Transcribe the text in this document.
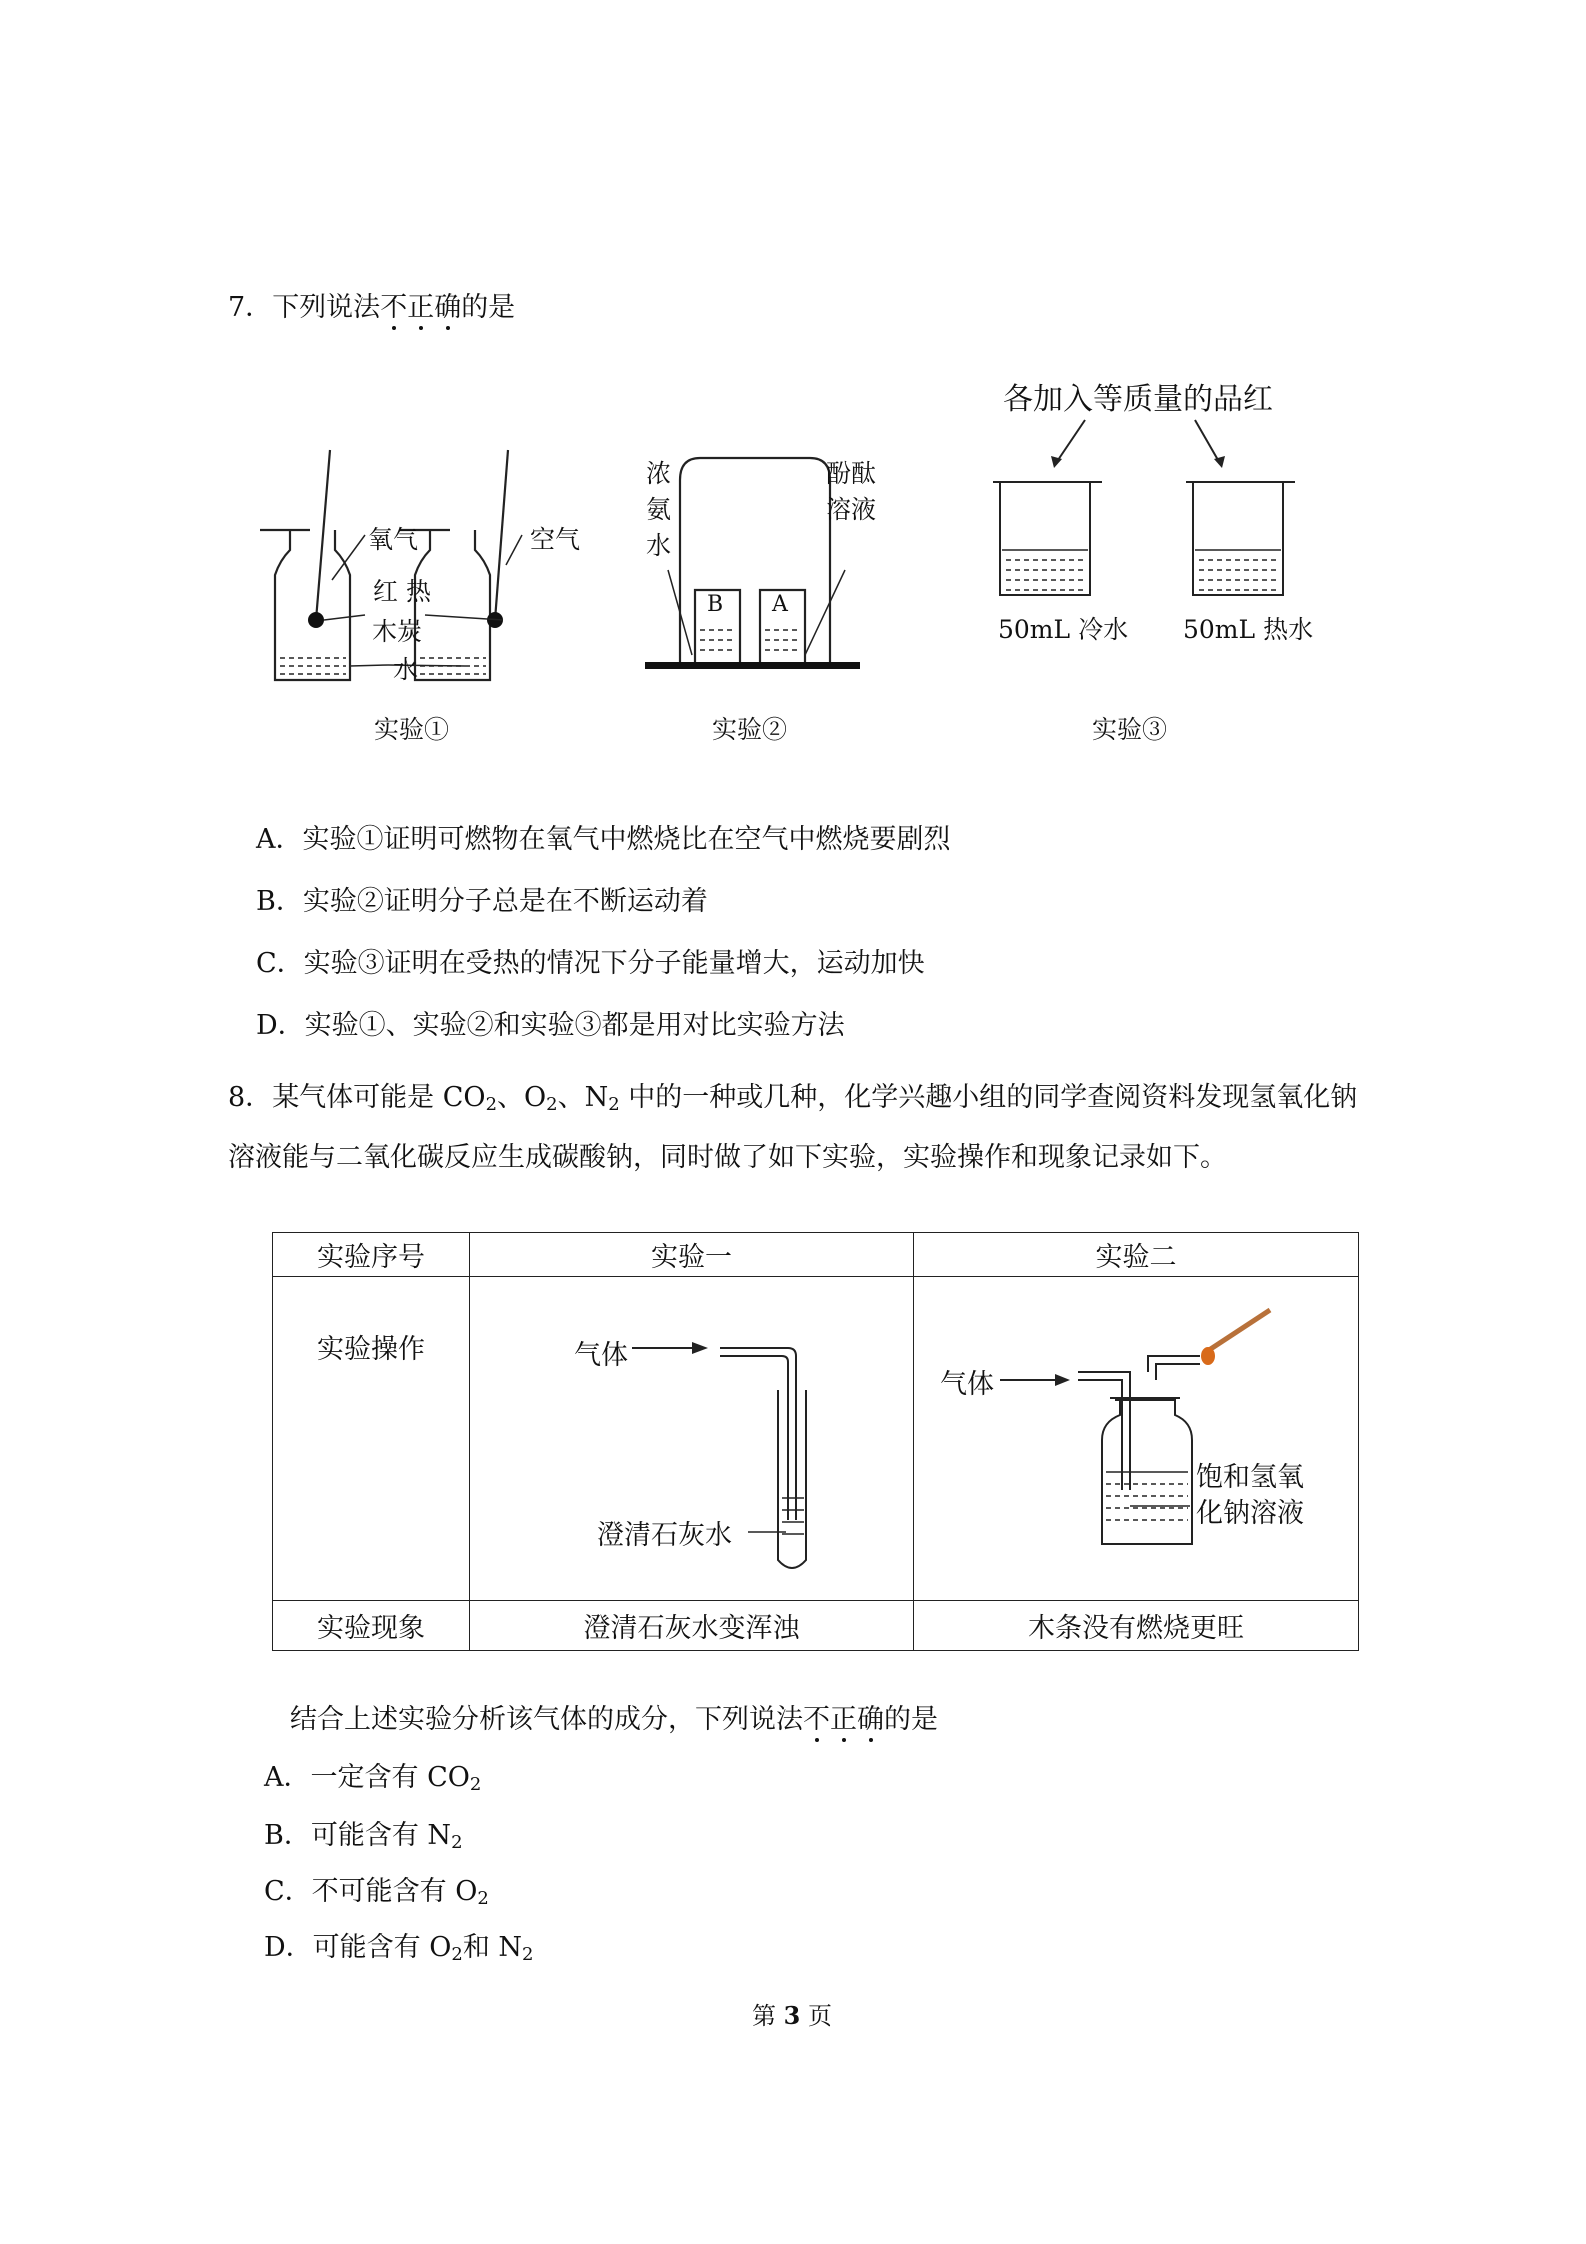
7．下列说法不正确的是
氧气	空气
红 热
木炭
水
实验①
浓
氨
水
酚酞
溶液
B A
实验②
各加入等质量的品红
50mL 冷水 50mL 热水
实验③
A．实验①证明可燃物在氧气中燃烧比在空气中燃烧要剧烈
B．实验②证明分子总是在不断运动着
C．实验③证明在受热的情况下分子能量增大，运动加快
D．实验①、实验②和实验③都是用对比实验方法
8．某气体可能是 $CO_2$、$O_2$、$N_2$ 中的一种或几种，化学兴趣小组的同学查阅资料发现氢氧化钠
溶液能与二氧化碳反应生成碳酸钠，同时做了如下实验，实验操作和现象记录如下。
实验序号	实验一	实验二
实验操作		
实验现象	澄清石灰水变浑浊	木条没有燃烧更旺
气体
澄清石灰水
气体
饱和氢氧
化钠溶液
结合上述实验分析该气体的成分，下列说法不正确的是
A．一定含有 $CO_2$
B．可能含有 $N_2$
C．不可能含有 $O_2$
D．可能含有 $O_2$和 $N_2$
第 3 页
